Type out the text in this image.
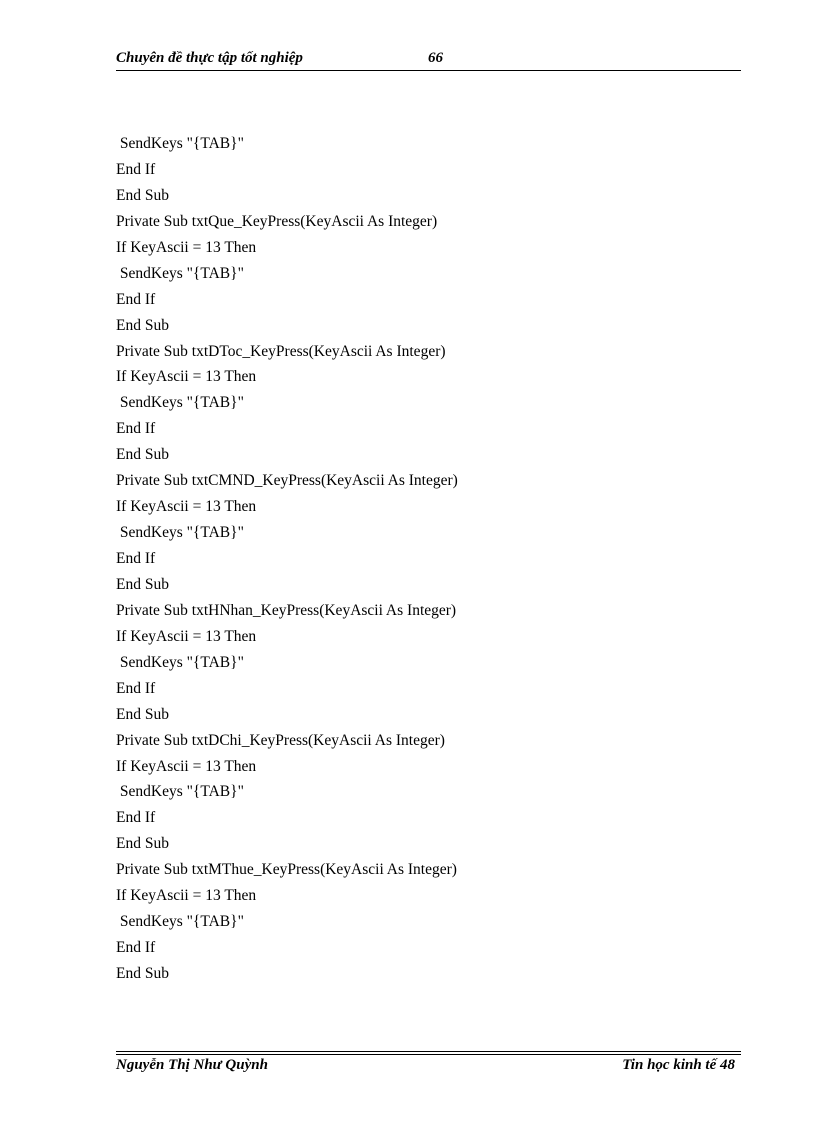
Chuyên đề thực tập tốt nghiệp	66
SendKeys "{TAB}"
End If
End Sub
Private Sub txtQue_KeyPress(KeyAscii As Integer)
If KeyAscii = 13 Then
SendKeys "{TAB}"
End If
End Sub
Private Sub txtDToc_KeyPress(KeyAscii As Integer)
If KeyAscii = 13 Then
SendKeys "{TAB}"
End If
End Sub
Private Sub txtCMND_KeyPress(KeyAscii As Integer)
If KeyAscii = 13 Then
SendKeys "{TAB}"
End If
End Sub
Private Sub txtHNhan_KeyPress(KeyAscii As Integer)
If KeyAscii = 13 Then
SendKeys "{TAB}"
End If
End Sub
Private Sub txtDChi_KeyPress(KeyAscii As Integer)
If KeyAscii = 13 Then
SendKeys "{TAB}"
End If
End Sub
Private Sub txtMThue_KeyPress(KeyAscii As Integer)
If KeyAscii = 13 Then
SendKeys "{TAB}"
End If
End Sub
Nguyễn Thị Như Quỳnh	Tin học kinh tế 48
